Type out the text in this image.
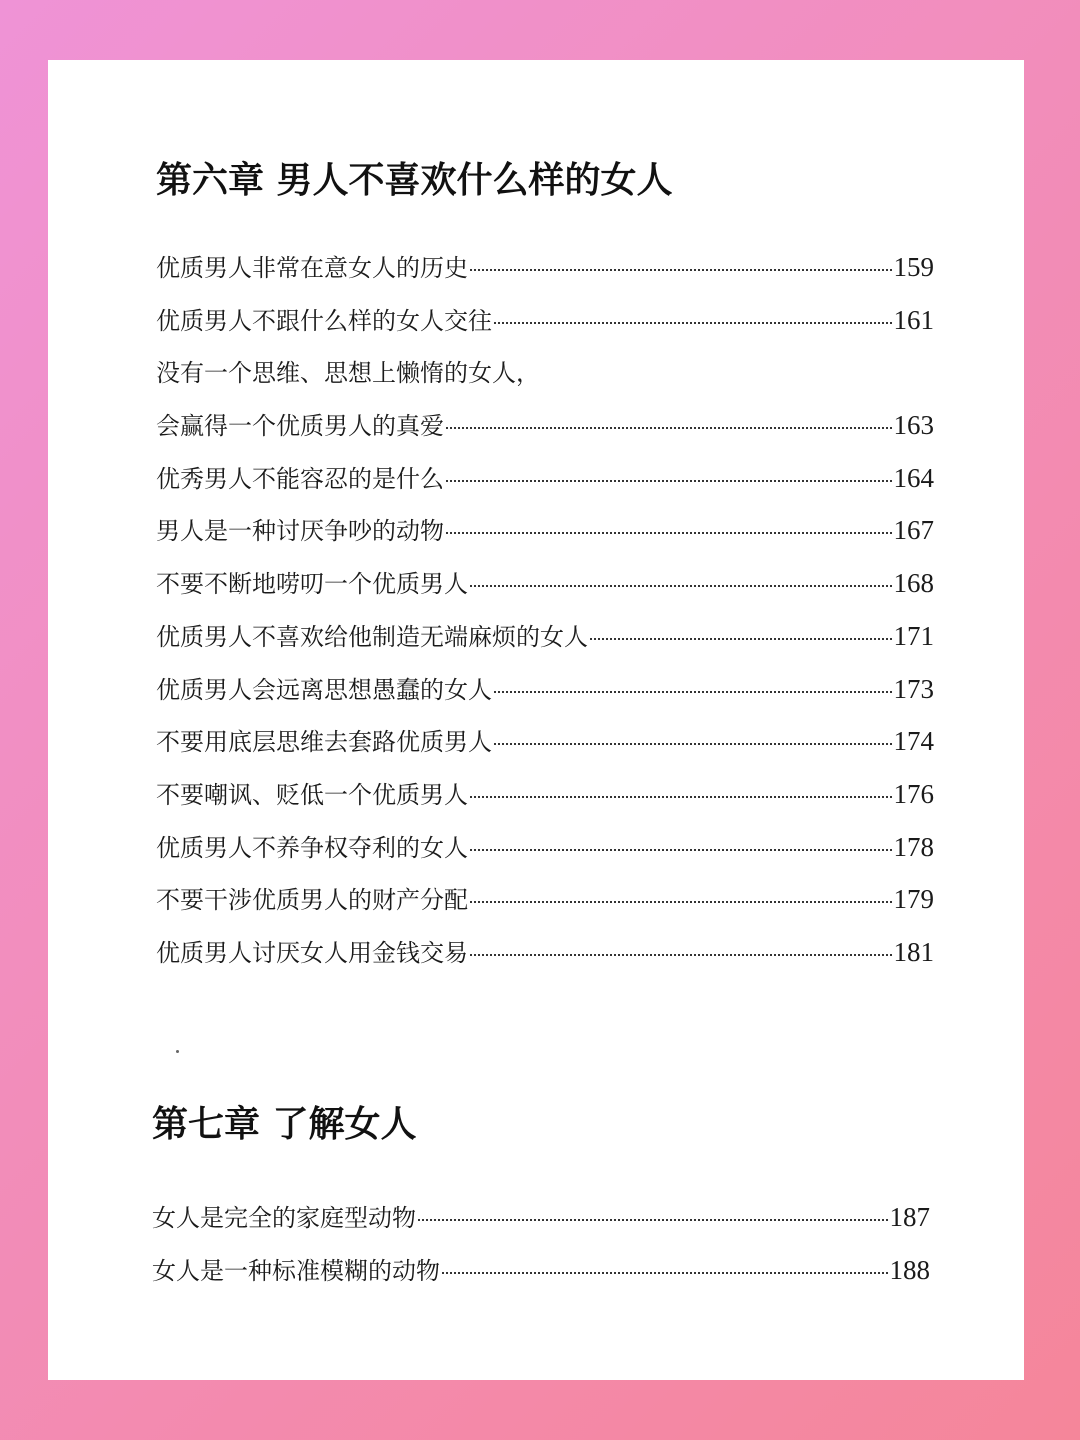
第六章 男人不喜欢什么样的女人
优质男人非常在意女人的历史	159
优质男人不跟什么样的女人交往	161
没有一个思维、思想上懒惰的女人，
会赢得一个优质男人的真爱	163
优秀男人不能容忍的是什么	164
男人是一种讨厌争吵的动物	167
不要不断地唠叨一个优质男人	168
优质男人不喜欢给他制造无端麻烦的女人	171
优质男人会远离思想愚蠢的女人	173
不要用底层思维去套路优质男人	174
不要嘲讽、贬低一个优质男人	176
优质男人不养争权夺利的女人	178
不要干涉优质男人的财产分配	179
优质男人讨厌女人用金钱交易	181
第七章 了解女人
女人是完全的家庭型动物	187
女人是一种标准模糊的动物	188
